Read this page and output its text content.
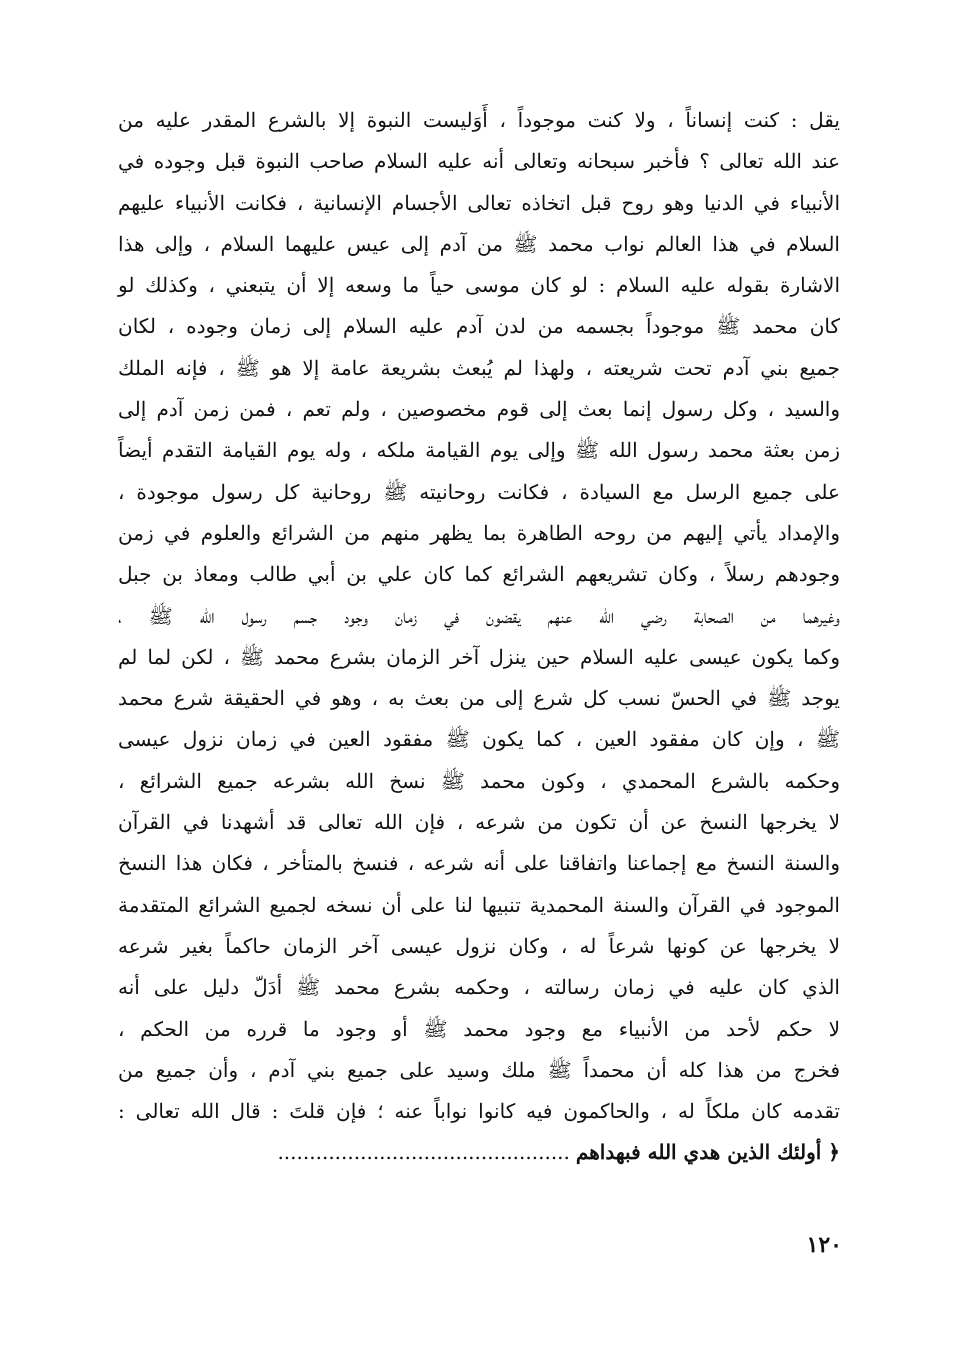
يقل : كنت إنساناً ، ولا كنت موجوداً ، أَوَليست النبوة إلا بالشرع المقدر عليه من
عند الله تعالى ؟ فأخبر سبحانه وتعالى أنه عليه السلام صاحب النبوة قبل وجوده في
الأنبياء في الدنيا وهو روح قبل اتخاذه تعالى الأجسام الإنسانية ، فكانت الأنبياء عليهم
السلام في هذا العالم نواب محمد ﷺ من آدم إلى عيس عليهما السلام ، وإلى هذا
الاشارة بقوله عليه السلام : لو كان موسى حياً ما وسعه إلا أن يتبعني ، وكذلك لو
كان محمد ﷺ موجوداً بجسمه من لدن آدم عليه السلام إلى زمان وجوده ، لكان
جميع بني آدم تحت شريعته ، ولهذا لم يُبعث بشريعة عامة إلا هو ﷺ ، فإنه الملك
والسيد ، وكل رسول إنما بعث إلى قوم مخصوصين ، ولم تعم ، فمن زمن آدم إلى
زمن بعثة محمد رسول الله ﷺ وإلى يوم القيامة ملكه ، وله يوم القيامة التقدم أيضاً
على جميع الرسل مع السيادة ، فكانت روحانيته ﷺ روحانية كل رسول موجودة ،
والإمداد يأتي إليهم من روحه الطاهرة بما يظهر منهم من الشرائع والعلوم في زمن
وجودهم رسلاً ، وكان تشريعهم الشرائع كما كان علي بن أبي طالب ومعاذ بن جبل
وغيرهما من الصحابة رضي الله عنهم يقضون في زمان وجود جسم رسول الله ﷺ ،
وكما يكون عيسى عليه السلام حين ينزل آخر الزمان بشرع محمد ﷺ ، لكن لما لم
يوجد ﷺ في الحسّ نسب كل شرع إلى من بعث به ، وهو في الحقيقة شرع محمد
ﷺ ، وإن كان مفقود العين ، كما يكون ﷺ مفقود العين في زمان نزول عيسى
وحكمه بالشرع المحمدي ، وكون محمد ﷺ نسخ الله بشرعه جميع الشرائع ،
لا يخرجها النسخ عن أن تكون من شرعه ، فإن الله تعالى قد أشهدنا في القرآن
والسنة النسخ مع إجماعنا واتفاقنا على أنه شرعه ، فنسخ بالمتأخر ، فكان هذا النسخ
الموجود في القرآن والسنة المحمدية تنبيها لنا على أن نسخه لجميع الشرائع المتقدمة
لا يخرجها عن كونها شرعاً له ، وكان نزول عيسى آخر الزمان حاكماً بغير شرعه
الذي كان عليه في زمان رسالته ، وحكمه بشرع محمد ﷺ أدَلّ دليل على أنه
لا حكم لأحد من الأنبياء مع وجود محمد ﷺ أو وجود ما قرره من الحكم ،
فخرج من هذا كله أن محمداً ﷺ ملك وسيد على جميع بني آدم ، وأن جميع من
تقدمه كان ملكاً له ، والحاكمون فيه كانوا نواباً عنه ؛ فإن قلتَ : قال الله تعالى :
﴿ أولئك الذين هدي الله فبهداهم..............................................
١٢٠
